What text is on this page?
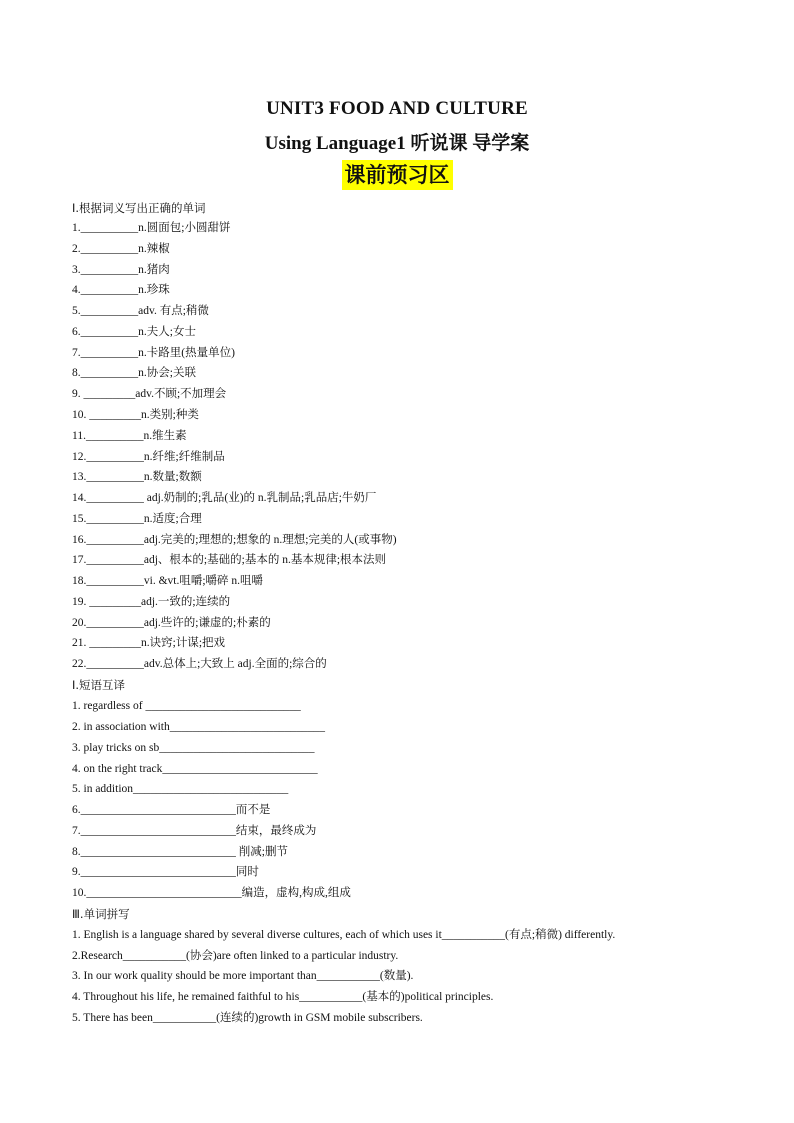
UNIT3 FOOD AND CULTURE
Using Language1 听说课 导学案
课前预习区
I.根据词义写出正确的单词
1.__________n.圆面包;小圆甜饼
2.__________n.辣椒
3.__________n.猪肉
4.__________n.珍珠
5.__________adv. 有点;稍微
6.__________n.夫人;女士
7.__________n.卡路里(热量单位)
8.__________n.协会;关联
9. _________adv.不顾;不加理会
10. _________n.类别;种类
11.__________n.维生素
12.__________n.纤维;纤维制品
13.__________n.数量;数额
14.__________ adj.奶制的;乳品(业)的 n.乳制品;乳品店;牛奶厂
15.__________n.适度;合理
16.__________adj.完美的;理想的;想象的 n.理想;完美的人(或事物)
17.__________adj、根本的;基础的;基本的 n.基本规律;根本法则
18.__________vi. &vt.咀嚼;嚼碎 n.咀嚼
19. _________adj.一致的;连续的
20.__________adj.些许的;谦虚的;朴素的
21. _________n.诀窍;计谋;把戏
22.__________adv.总体上;大致上 adj.全面的;综合的
I.短语互译
1. regardless of ___________________________
2. in association with___________________________
3. play tricks on sb___________________________
4. on the right track___________________________
5. in addition___________________________
6.___________________________而不是
7.___________________________结束，最终成为
8.___________________________ 削减;删节
9.___________________________同时
10.___________________________编造，虚构,构成,组成
Ⅲ.单词拼写
1. English is a language shared by several diverse cultures, each of which uses it___________(有点;稍微) differently.
2.Research___________(协会)are often linked to a particular industry.
3. In our work quality should be more important than___________(数量).
4. Throughout his life, he remained faithful to his___________(基本的)political principles.
5. There has been___________(连续的)growth in GSM mobile subscribers.
